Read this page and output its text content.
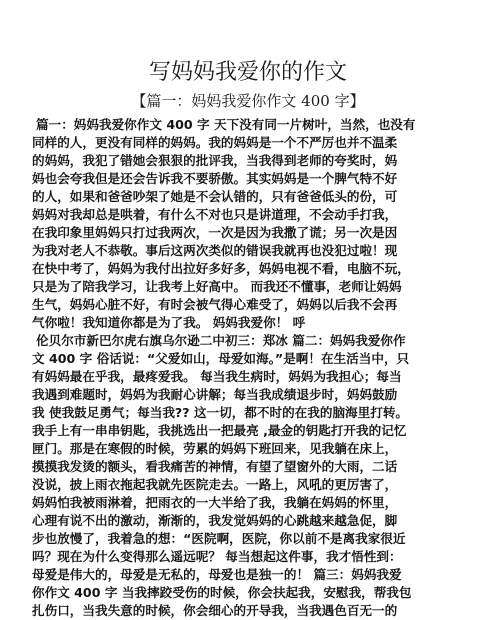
写妈妈我爱你的作文
【篇一：妈妈我爱你作文 400 字】
篇一：妈妈我爱你作文 400 字 天下没有同一片树叶，当然，也没有
同样的人，更没有同样的妈妈。我的妈妈是一个不严厉也并不温柔
的妈妈，我犯了错她会狠狠的批评我，当我得到老师的夸奖时，妈
妈也会夸我但是还会告诉我不要骄傲。其实妈妈是一个脾气特不好
的人，如果和爸爸吵架了她是不会认错的，只有爸爸低头的份，可
妈妈对我却总是哄着，有什么不对也只是讲道理，不会动手打我，
在我印象里妈妈只打过我两次，一次是因为我撒了谎；另一次是因
为我对老人不恭敬。事后这两次类似的错误我就再也没犯过啦！现
在快中考了，妈妈为我付出拉好多好多，妈妈电视不看，电脑不玩，
只是为了陪我学习，让我考上好高中。 而我还不懂事，老师让妈妈
生气，妈妈心脏不好，有时会被气得心难受了，妈妈以后我不会再
气你啦！我知道你都是为了我。 妈妈我爱你！ 呼
伦贝尔市新巴尔虎右旗乌尔逊二中初三：郑冰 篇二：妈妈我爱你作
文 400 字 俗话说：“父爱如山，母爱如海。”是啊！在生活当中，只
有妈妈最在乎我，最疼爱我。 每当我生病时，妈妈为我担心；每当
我遇到难题时，妈妈为我耐心讲解；每当我成绩退步时，妈妈鼓励
我 使我鼓足勇气；每当我?? 这一切，都不时的在我的脑海里打转。
我手上有一串串钥匙，我挑选出一把最亮 ,最金的钥匙打开我的记忆
匣门。那是在寒假的时候，劳累的妈妈下班回来，见我躺在床上，
摸摸我发烫的额头，看我痛苦的神情，有望了望窗外的大雨，二话
没说，披上雨衣拖起我就先医院走去。一路上，风吼的更厉害了，
妈妈怕我被雨淋着，把雨衣的一大半给了我，我躺在妈妈的怀里，
心理有说不出的激动，渐渐的，我发觉妈妈的心跳越来越急促，脚
步也放慢了，我着急的想：“医院啊，医院，你以前不是离我家很近
吗？现在为什么变得那么遥远呢？ 每当想起这件事，我才悟性到：
母爱是伟大的，母爱是无私的，母爱也是独一的！ 篇三：妈妈我爱
你作文 400 字 当我摔跤受伤的时候，你会扶起我，安慰我，帮我包
扎伤口，当我失意的时候，你会细心的开导我，当我遇色百无一的
